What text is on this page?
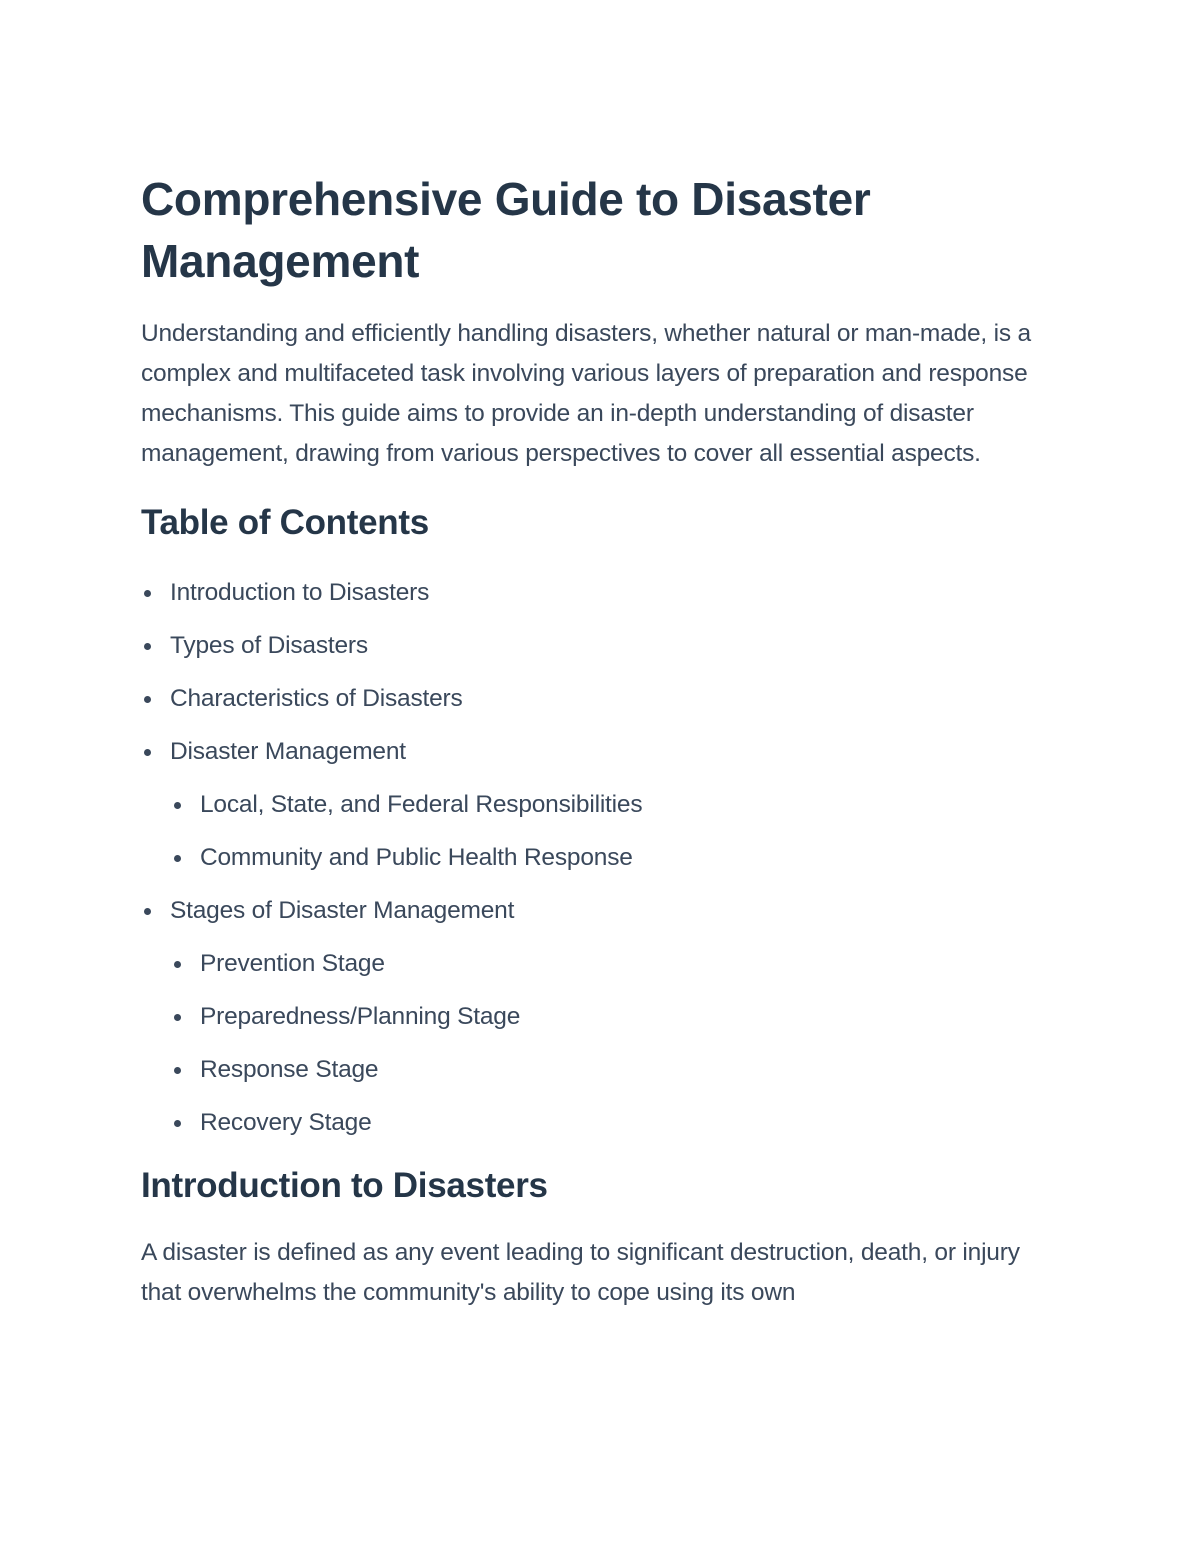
Comprehensive Guide to Disaster Management

Understanding and efficiently handling disasters, whether natural or man-made, is a complex and multifaceted task involving various layers of preparation and response mechanisms. This guide aims to provide an in-depth understanding of disaster management, drawing from various perspectives to cover all essential aspects.

Table of Contents
Introduction to Disasters
Types of Disasters
Characteristics of Disasters
Disaster Management
Local, State, and Federal Responsibilities
Community and Public Health Response
Stages of Disaster Management
Prevention Stage
Preparedness/Planning Stage
Response Stage
Recovery Stage
Introduction to Disasters

A disaster is defined as any event leading to significant destruction, death, or injury that overwhelms the community's ability to cope using its own
